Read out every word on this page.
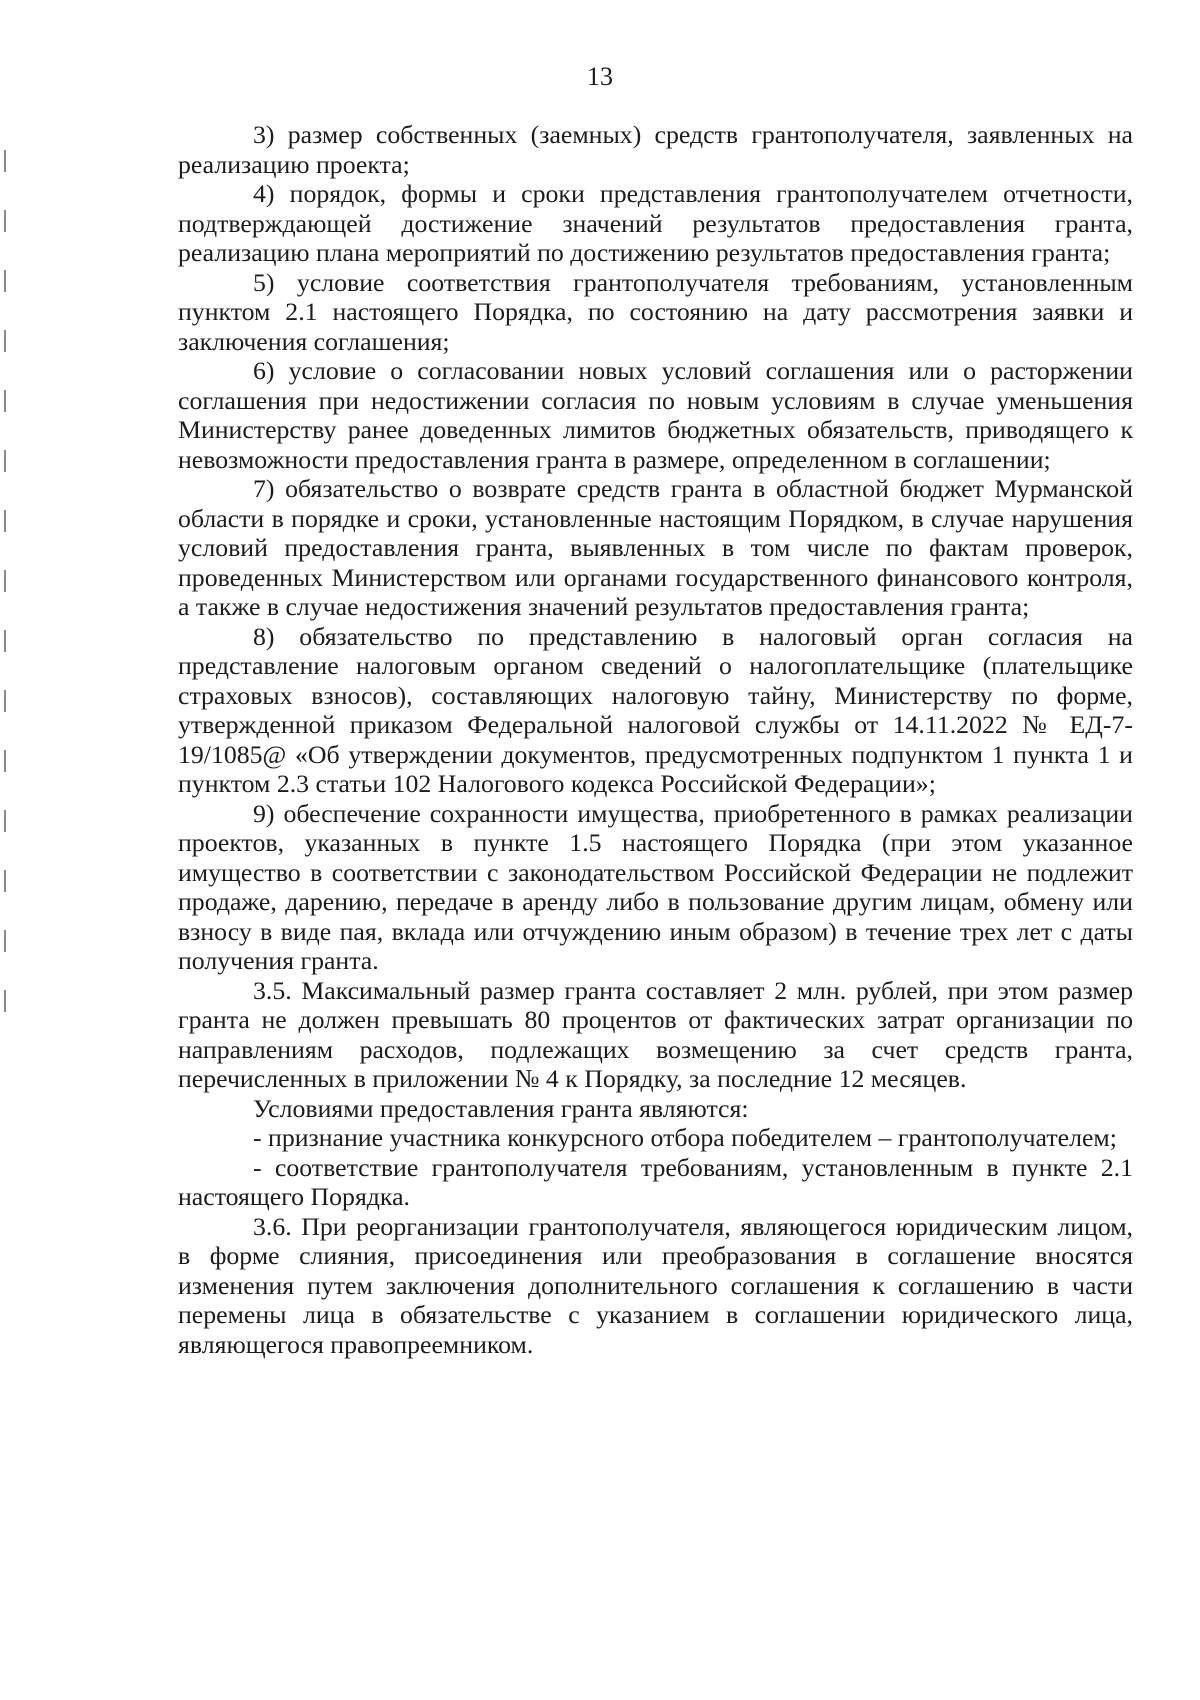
13

3) размер собственных (заемных) средств грантополучателя, заявленных на реализацию проекта;

4) порядок, формы и сроки представления грантополучателем отчетности, подтверждающей достижение значений результатов предоставления гранта, реализацию плана мероприятий по достижению результатов предоставления гранта;

5) условие соответствия грантополучателя требованиям, установленным пунктом 2.1 настоящего Порядка, по состоянию на дату рассмотрения заявки и заключения соглашения;

6) условие о согласовании новых условий соглашения или о расторжении соглашения при недостижении согласия по новым условиям в случае уменьшения Министерству ранее доведенных лимитов бюджетных обязательств, приводящего к невозможности предоставления гранта в размере, определенном в соглашении;

7) обязательство о возврате средств гранта в областной бюджет Мурманской области в порядке и сроки, установленные настоящим Порядком, в случае нарушения условий предоставления гранта, выявленных в том числе по фактам проверок, проведенных Министерством или органами государственного финансового контроля, а также в случае недостижения значений результатов предоставления гранта;

8) обязательство по представлению в налоговый орган согласия на представление налоговым органом сведений о налогоплательщике (плательщике страховых взносов), составляющих налоговую тайну, Министерству по форме, утвержденной приказом Федеральной налоговой службы от 14.11.2022 № ЕД-7-19/1085@ «Об утверждении документов, предусмотренных подпунктом 1 пункта 1 и пунктом 2.3 статьи 102 Налогового кодекса Российской Федерации»;

9) обеспечение сохранности имущества, приобретенного в рамках реализации проектов, указанных в пункте 1.5 настоящего Порядка (при этом указанное имущество в соответствии с законодательством Российской Федерации не подлежит продаже, дарению, передаче в аренду либо в пользование другим лицам, обмену или взносу в виде пая, вклада или отчуждению иным образом) в течение трех лет с даты получения гранта.

3.5. Максимальный размер гранта составляет 2 млн. рублей, при этом размер гранта не должен превышать 80 процентов от фактических затрат организации по направлениям расходов, подлежащих возмещению за счет средств гранта, перечисленных в приложении № 4 к Порядку, за последние 12 месяцев.

Условиями предоставления гранта являются:

- признание участника конкурсного отбора победителем – грантополучателем;

- соответствие грантополучателя требованиям, установленным в пункте 2.1 настоящего Порядка.

3.6. При реорганизации грантополучателя, являющегося юридическим лицом, в форме слияния, присоединения или преобразования в соглашение вносятся изменения путем заключения дополнительного соглашения к соглашению в части перемены лица в обязательстве с указанием в соглашении юридического лица, являющегося правопреемником.
